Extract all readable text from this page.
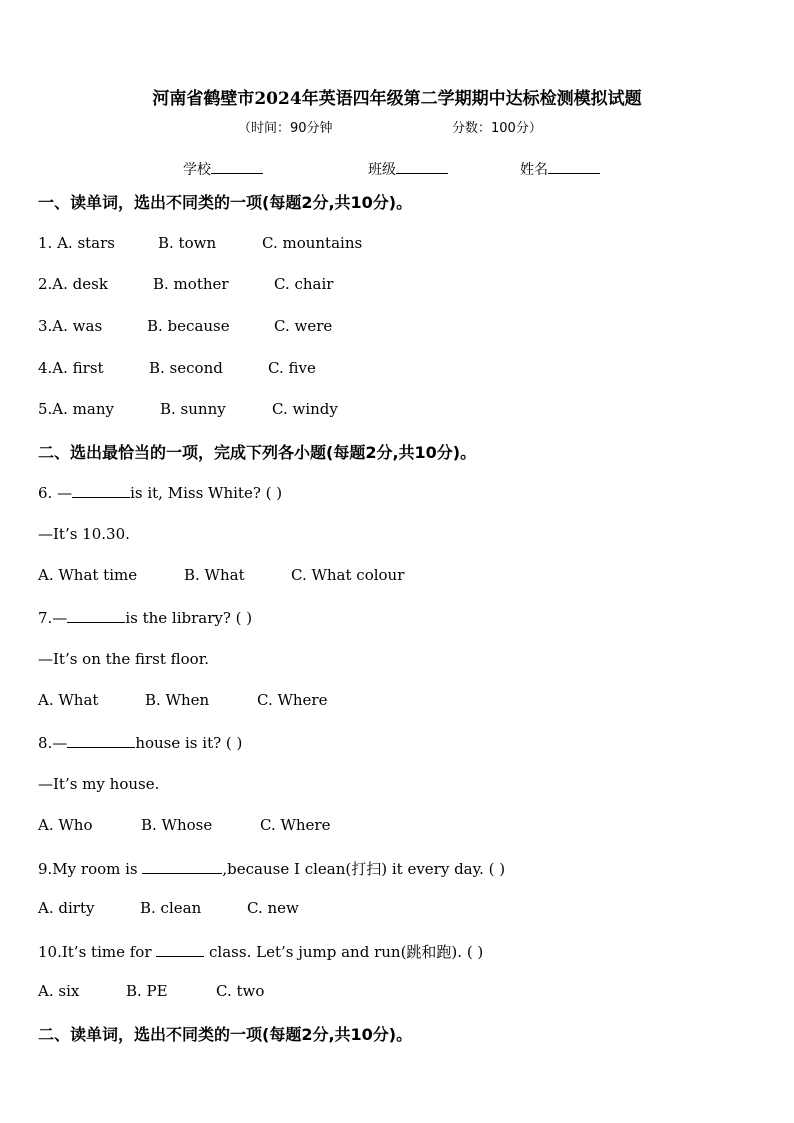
河南省鹤壁市2024年英语四年级第二学期期中达标检测模拟试题
（时间：90分钟	分数：100分）
学校	班级	姓名
一、读单词，选出不同类的一项(每题2分,共10分)。
1. A. stars	B. town	C. mountains
2.A. desk	B. mother	C. chair
3.A. was	B. because	C. were
4.A. first	B. second	C. five
5.A. many	B. sunny	C. windy
二、选出最恰当的一项，完成下列各小题(每题2分,共10分)。
6. —	is it, Miss White? ( )
—It’s 10.30.
A. What time	B. What	C. What colour
7.—	is the library? ( )
—It’s on the first floor.
A. What	B. When	C. Where
8.—	house is it? ( )
—It’s my house.
A. Who	B. Whose	C. Where
9.My room is	,because I clean(打扫) it every day. ( )
A. dirty	B. clean	C. new
10.It’s time for	class. Let’s jump and run(跳和跑). ( )
A. six	B. PE	C. two
二、读单词，选出不同类的一项(每题2分,共10分)。
